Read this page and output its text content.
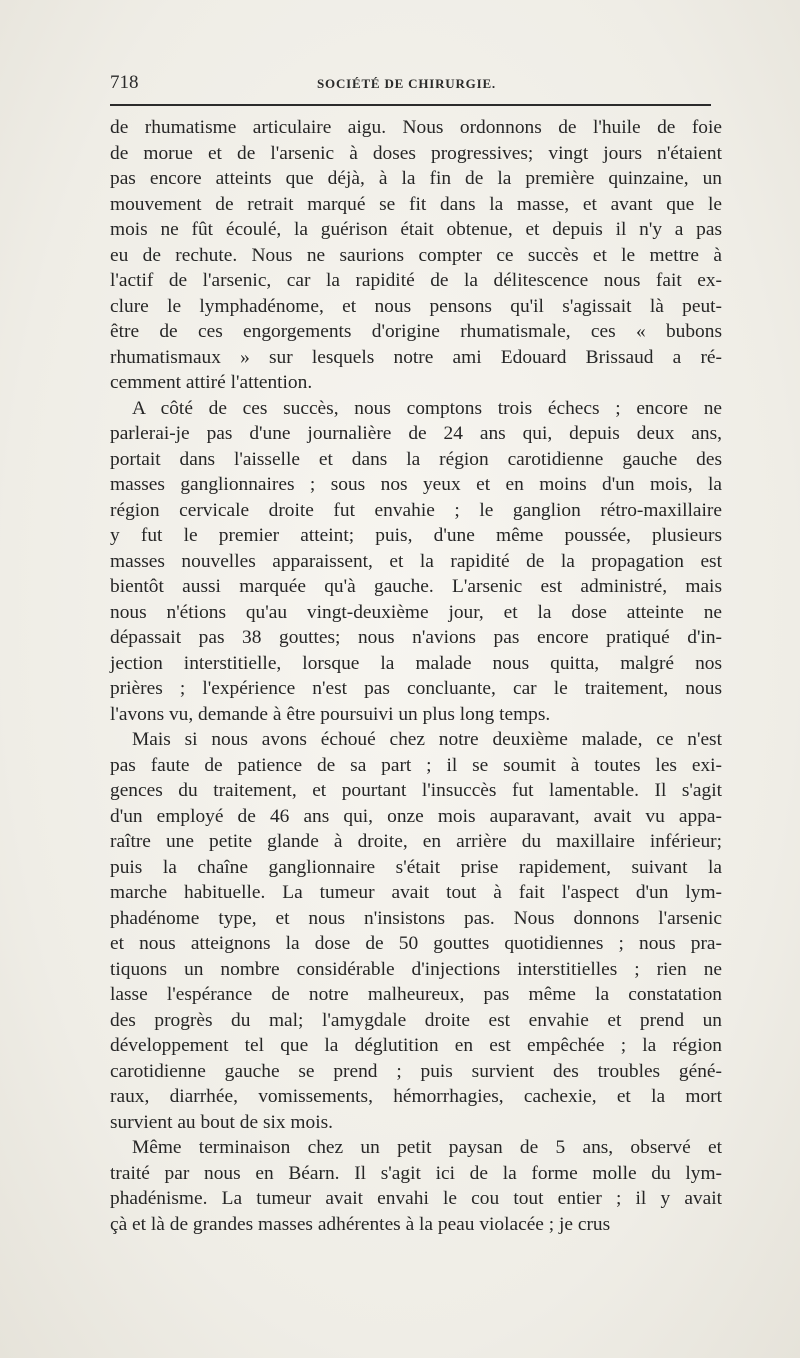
718	SOCIÉTÉ DE CHIRURGIE.

de rhumatisme articulaire aigu. Nous ordonnons de l'huile de foie
de morue et de l'arsenic à doses progressives; vingt jours n'étaient
pas encore atteints que déjà, à la fin de la première quinzaine, un
mouvement de retrait marqué se fit dans la masse, et avant que le
mois ne fût écoulé, la guérison était obtenue, et depuis il n'y a pas
eu de rechute. Nous ne saurions compter ce succès et le mettre à
l'actif de l'arsenic, car la rapidité de la délitescence nous fait ex-
clure le lymphadénome, et nous pensons qu'il s'agissait là peut-
être de ces engorgements d'origine rhumatismale, ces « bubons
rhumatismaux » sur lesquels notre ami Edouard Brissaud a ré-
cemment attiré l'attention.

A côté de ces succès, nous comptons trois échecs ; encore ne
parlerai-je pas d'une journalière de 24 ans qui, depuis deux ans,
portait dans l'aisselle et dans la région carotidienne gauche des
masses ganglionnaires ; sous nos yeux et en moins d'un mois, la
région cervicale droite fut envahie ; le ganglion rétro-maxillaire
y fut le premier atteint; puis, d'une même poussée, plusieurs
masses nouvelles apparaissent, et la rapidité de la propagation est
bientôt aussi marquée qu'à gauche. L'arsenic est administré, mais
nous n'étions qu'au vingt-deuxième jour, et la dose atteinte ne
dépassait pas 38 gouttes; nous n'avions pas encore pratiqué d'in-
jection interstitielle, lorsque la malade nous quitta, malgré nos
prières ; l'expérience n'est pas concluante, car le traitement, nous
l'avons vu, demande à être poursuivi un plus long temps.

Mais si nous avons échoué chez notre deuxième malade, ce n'est
pas faute de patience de sa part ; il se soumit à toutes les exi-
gences du traitement, et pourtant l'insuccès fut lamentable. Il s'agit
d'un employé de 46 ans qui, onze mois auparavant, avait vu appa-
raître une petite glande à droite, en arrière du maxillaire inférieur;
puis la chaîne ganglionnaire s'était prise rapidement, suivant la
marche habituelle. La tumeur avait tout à fait l'aspect d'un lym-
phadénome type, et nous n'insistons pas. Nous donnons l'arsenic
et nous atteignons la dose de 50 gouttes quotidiennes ; nous pra-
tiquons un nombre considérable d'injections interstitielles ; rien ne
lasse l'espérance de notre malheureux, pas même la constatation
des progrès du mal; l'amygdale droite est envahie et prend un
développement tel que la déglutition en est empêchée ; la région
carotidienne gauche se prend ; puis survient des troubles géné-
raux, diarrhée, vomissements, hémorrhagies, cachexie, et la mort
survient au bout de six mois.

Même terminaison chez un petit paysan de 5 ans, observé et
traité par nous en Béarn. Il s'agit ici de la forme molle du lym-
phadénisme. La tumeur avait envahi le cou tout entier ; il y avait
çà et là de grandes masses adhérentes à la peau violacée ; je crus
